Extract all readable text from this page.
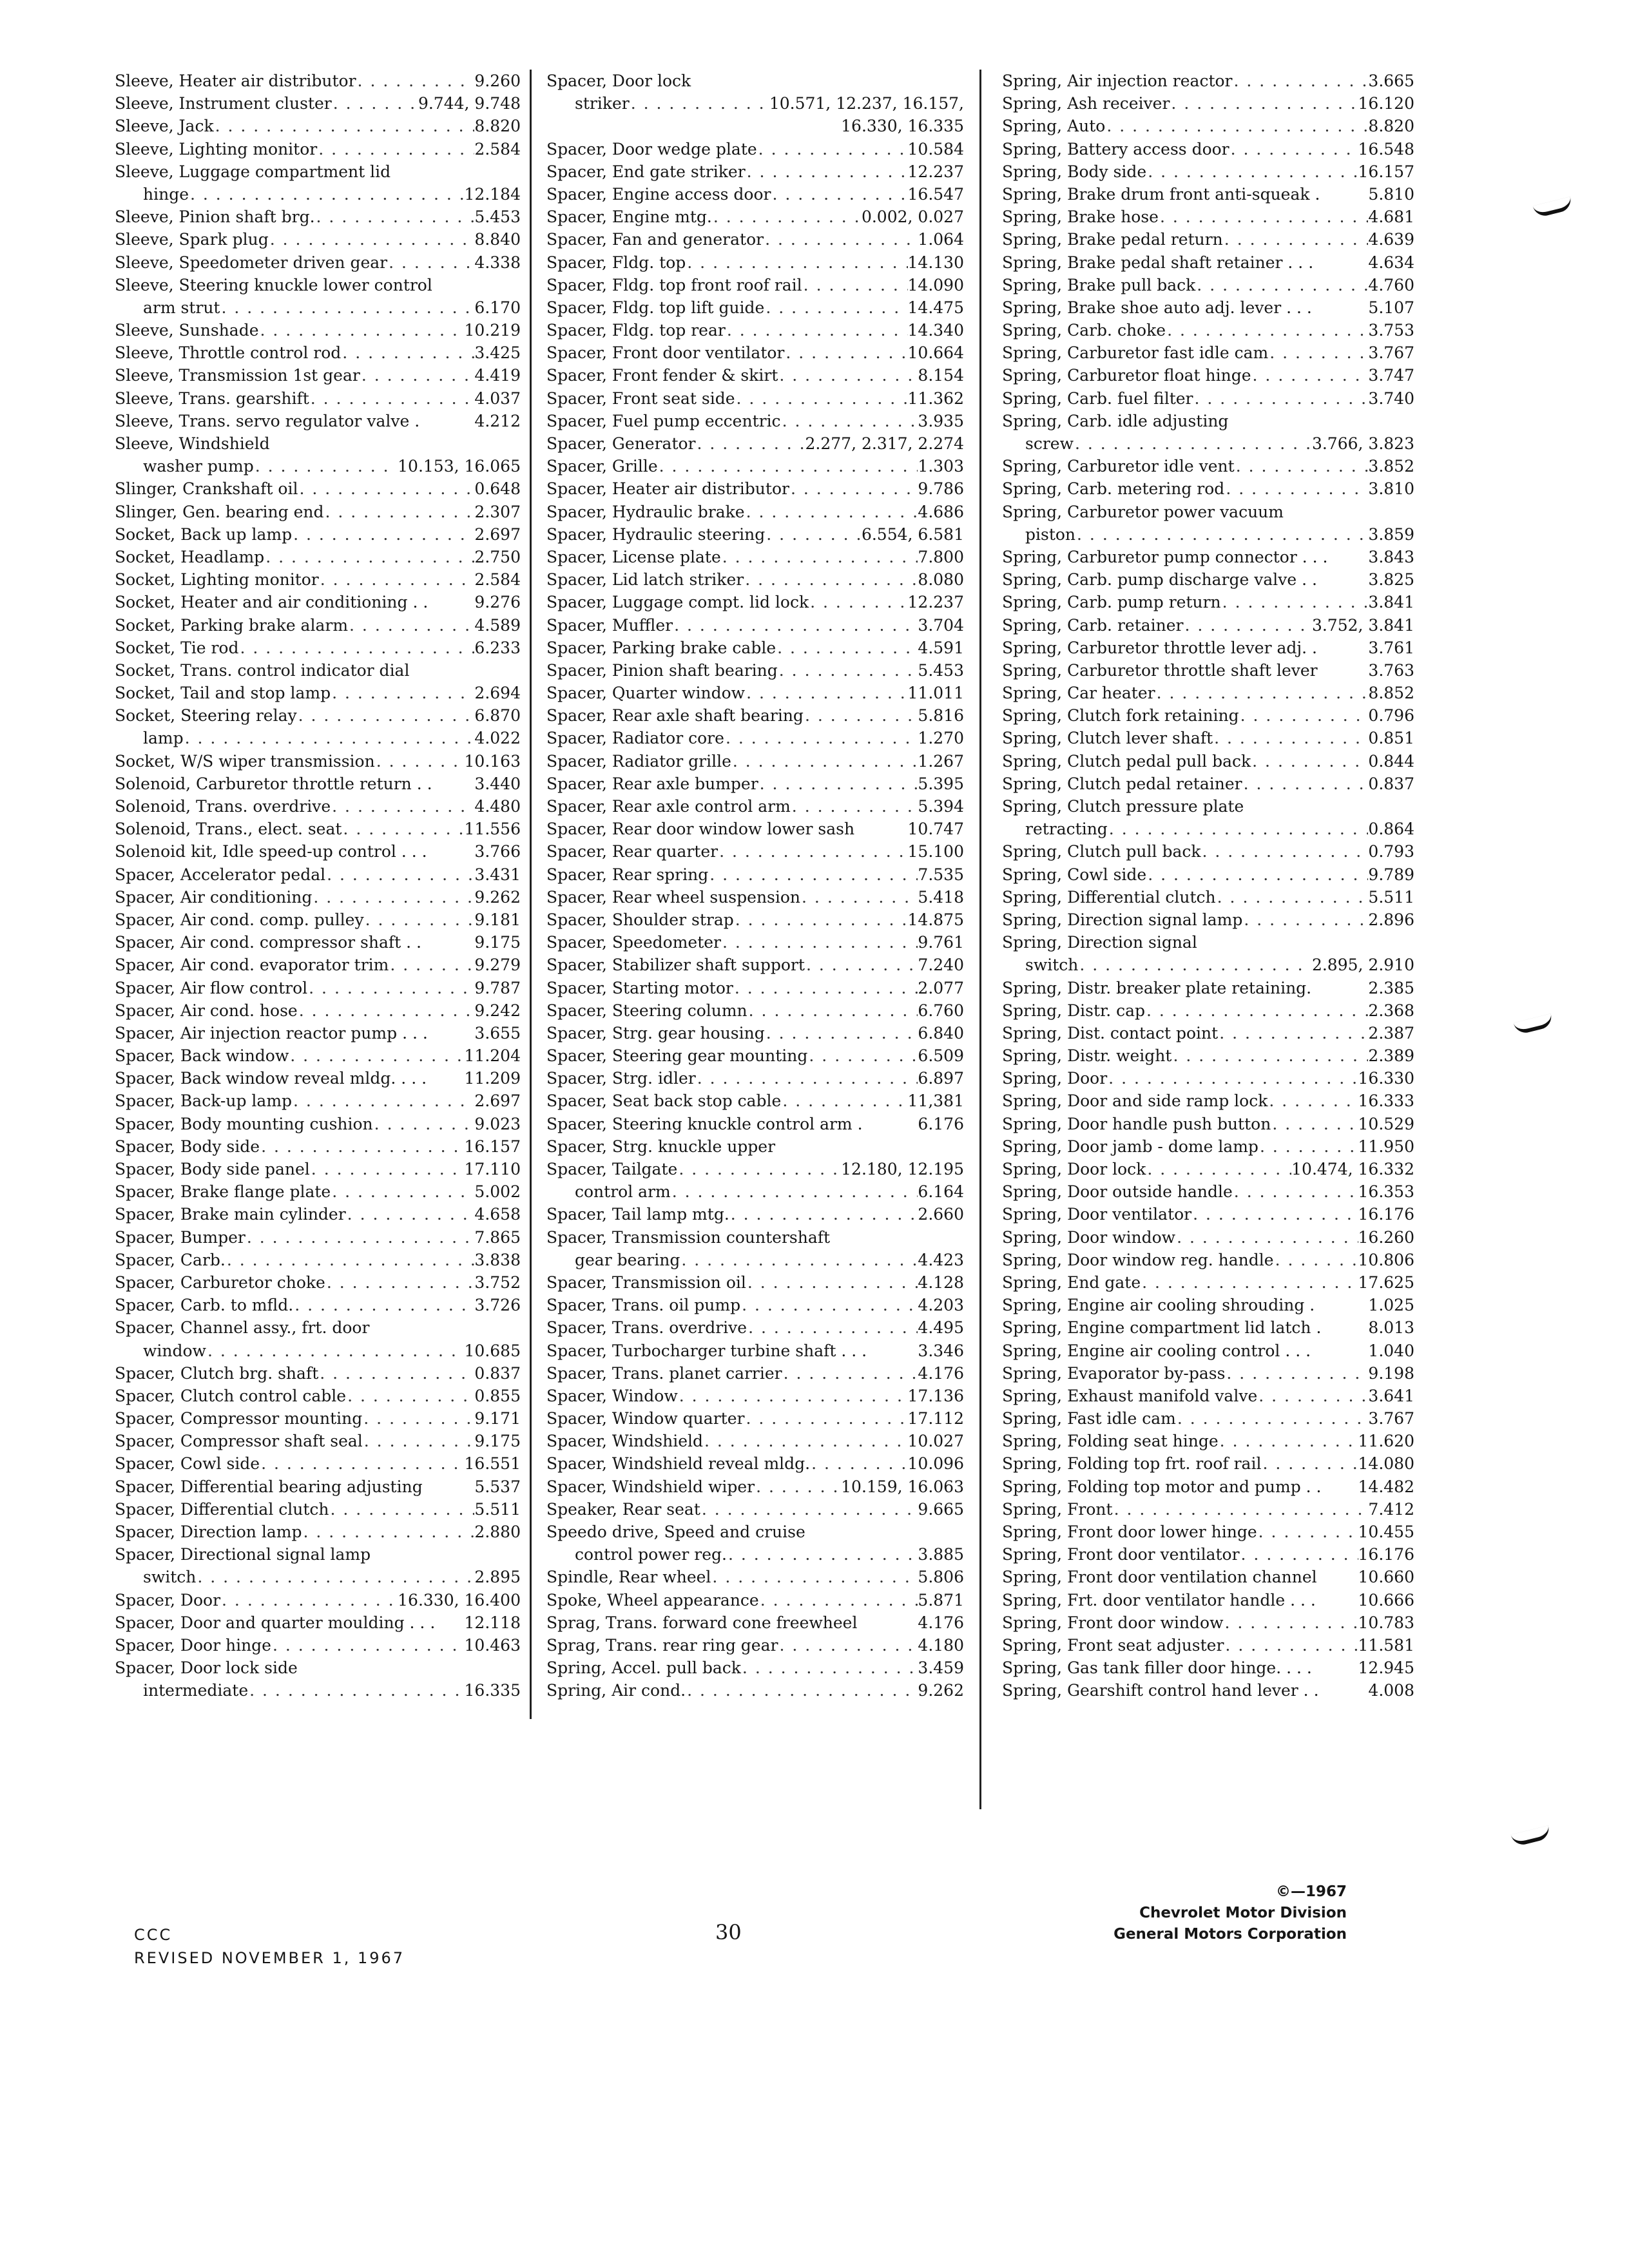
Sleeve, Heater air distributor . . .	9.260
Sleeve, Instrument cluster . . .	9.744, 9.748
Sleeve, Jack . . .	8.820
Sleeve, Lighting monitor . . .	2.584
Sleeve, Luggage compartment lid
hinge . . .	12.184
Sleeve, Pinion shaft brg. . . .	5.453
Sleeve, Spark plug . . .	8.840
Sleeve, Speedometer driven gear . . .	4.338
Sleeve, Steering knuckle lower control
arm strut . . .	6.170
Sleeve, Sunshade . . .	10.219
Sleeve, Throttle control rod . . .	3.425
Sleeve, Transmission 1st gear . . .	4.419
Sleeve, Trans. gearshift . . .	4.037
Sleeve, Trans. servo regulator valve .	4.212
Sleeve, Windshield
washer pump . . .	10.153, 16.065
Slinger, Crankshaft oil . . .	0.648
Slinger, Gen. bearing end . . .	2.307
Socket, Back up lamp . . .	2.697
Socket, Headlamp . . .	2.750
Socket, Lighting monitor . . .	2.584
Socket, Heater and air conditioning . .	9.276
Socket, Parking brake alarm . . .	4.589
Socket, Tie rod . . .	6.233
Socket, Trans. control indicator dial
Socket, Tail and stop lamp . . .	2.694
Socket, Steering relay . . .	6.870
lamp . . .	4.022
Socket, W/S wiper transmission . . .	10.163
Solenoid, Carburetor throttle return . .	3.440
Solenoid, Trans. overdrive . . .	4.480
Solenoid, Trans., elect. seat . . .	11.556
Solenoid kit, Idle speed-up control . . .	3.766
Spacer, Accelerator pedal . . .	3.431
Spacer, Air conditioning . . .	9.262
Spacer, Air cond. comp. pulley . . .	9.181
Spacer, Air cond. compressor shaft . .	9.175
Spacer, Air cond. evaporator trim . . .	9.279
Spacer, Air flow control . . .	9.787
Spacer, Air cond. hose . . .	9.242
Spacer, Air injection reactor pump . . .	3.655
Spacer, Back window . . .	11.204
Spacer, Back window reveal mldg. . . . 11.209
Spacer, Back-up lamp . . .	2.697
Spacer, Body mounting cushion . . .	9.023
Spacer, Body side . . .	16.157
Spacer, Body side panel . . .	17.110
Spacer, Brake flange plate . . .	5.002
Spacer, Brake main cylinder . . .	4.658
Spacer, Bumper . . .	7.865
Spacer, Carb. . . .	3.838
Spacer, Carburetor choke . . .	3.752
Spacer, Carb. to mfld. . . .	3.726
Spacer, Channel assy., frt. door
window . . .	10.685
Spacer, Clutch brg. shaft . . .	0.837
Spacer, Clutch control cable . . .	0.855
Spacer, Compressor mounting . . .	9.171
Spacer, Compressor shaft seal . . .	9.175
Spacer, Cowl side . . .	16.551
Spacer, Differential bearing adjusting	5.537
Spacer, Differential clutch . . .	5.511
Spacer, Direction lamp . . .	2.880
Spacer, Directional signal lamp
switch . . .	2.895
Spacer, Door . . .	16.330, 16.400
Spacer, Door and quarter moulding . . . 12.118
Spacer, Door hinge . . .	10.463
Spacer, Door lock side
intermediate . . .	16.335
Spacer, Door lock
striker . . .	10.571, 12.237, 16.157,
16.330, 16.335
Spacer, Door wedge plate . . .	10.584
Spacer, End gate striker . . .	12.237
Spacer, Engine access door . . .	16.547
Spacer, Engine mtg. . . .	0.002, 0.027
Spacer, Fan and generator . . .	1.064
Spacer, Fldg. top . . .	14.130
Spacer, Fldg. top front roof rail . . .	14.090
Spacer, Fldg. top lift guide . . .	14.475
Spacer, Fldg. top rear . . .	14.340
Spacer, Front door ventilator . . .	10.664
Spacer, Front fender & skirt . . .	8.154
Spacer, Front seat side . . .	11.362
Spacer, Fuel pump eccentric . . .	3.935
Spacer, Generator . . .	2.277, 2.317, 2.274
Spacer, Grille . . .	1.303
Spacer, Heater air distributor . . .	9.786
Spacer, Hydraulic brake . . .	4.686
Spacer, Hydraulic steering . . .	6.554, 6.581
Spacer, License plate . . .	7.800
Spacer, Lid latch striker . . .	8.080
Spacer, Luggage compt. lid lock . . .	12.237
Spacer, Muffler . . .	3.704
Spacer, Parking brake cable . . .	4.591
Spacer, Pinion shaft bearing . . .	5.453
Spacer, Quarter window . . .	11.011
Spacer, Rear axle shaft bearing . . .	5.816
Spacer, Radiator core . . .	1.270
Spacer, Radiator grille . . .	1.267
Spacer, Rear axle bumper . . .	5.395
Spacer, Rear axle control arm . . .	5.394
Spacer, Rear door window lower sash	10.747
Spacer, Rear quarter . . .	15.100
Spacer, Rear spring . . .	7.535
Spacer, Rear wheel suspension . . .	5.418
Spacer, Shoulder strap . . .	14.875
Spacer, Speedometer . . .	9.761
Spacer, Stabilizer shaft support . . .	7.240
Spacer, Starting motor . . .	2.077
Spacer, Steering column . . .	6.760
Spacer, Strg. gear housing . . .	6.840
Spacer, Steering gear mounting . . .	6.509
Spacer, Strg. idler . . .	6.897
Spacer, Seat back stop cable . . .	11,381
Spacer, Steering knuckle control arm .	6.176
Spacer, Strg. knuckle upper
Spacer, Tailgate . . .	12.180, 12.195
control arm . . .	6.164
Spacer, Tail lamp mtg. . . .	2.660
Spacer, Transmission countershaft
gear bearing . . .	4.423
Spacer, Transmission oil . . .	4.128
Spacer, Trans. oil pump . . .	4.203
Spacer, Trans. overdrive . . .	4.495
Spacer, Turbocharger turbine shaft . . .	3.346
Spacer, Trans. planet carrier . . .	4.176
Spacer, Window . . .	17.136
Spacer, Window quarter . . .	17.112
Spacer, Windshield . . .	10.027
Spacer, Windshield reveal mldg. . . .	10.096
Spacer, Windshield wiper . . .	10.159, 16.063
Speaker, Rear seat . . .	9.665
Speedo drive, Speed and cruise
control power reg. . . .	3.885
Spindle, Rear wheel . . .	5.806
Spoke, Wheel appearance . . .	5.871
Sprag, Trans. forward cone freewheel	4.176
Sprag, Trans. rear ring gear . . .	4.180
Spring, Accel. pull back . . .	3.459
Spring, Air cond. . . .	9.262
Spring, Air injection reactor . . .	3.665
Spring, Ash receiver . . .	16.120
Spring, Auto . . .	8.820
Spring, Battery access door . . .	16.548
Spring, Body side . . .	16.157
Spring, Brake drum front anti-squeak .	5.810
Spring, Brake hose . . .	4.681
Spring, Brake pedal return . . .	4.639
Spring, Brake pedal shaft retainer . . .	4.634
Spring, Brake pull back . . .	4.760
Spring, Brake shoe auto adj. lever . . .	5.107
Spring, Carb. choke . . .	3.753
Spring, Carburetor fast idle cam . . .	3.767
Spring, Carburetor float hinge . . .	3.747
Spring, Carb. fuel filter . . .	3.740
Spring, Carb. idle adjusting
screw . . .	3.766, 3.823
Spring, Carburetor idle vent . . .	3.852
Spring, Carb. metering rod . . .	3.810
Spring, Carburetor power vacuum
piston . . .	3.859
Spring, Carburetor pump connector . . .	3.843
Spring, Carb. pump discharge valve . .	3.825
Spring, Carb. pump return . . .	3.841
Spring, Carb. retainer . . .	3.752, 3.841
Spring, Carburetor throttle lever adj. .	3.761
Spring, Carburetor throttle shaft lever	3.763
Spring, Car heater . . .	8.852
Spring, Clutch fork retaining . . .	0.796
Spring, Clutch lever shaft . . .	0.851
Spring, Clutch pedal pull back . . .	0.844
Spring, Clutch pedal retainer . . .	0.837
Spring, Clutch pressure plate
retracting . . .	0.864
Spring, Clutch pull back . . .	0.793
Spring, Cowl side . . .	9.789
Spring, Differential clutch . . .	5.511
Spring, Direction signal lamp . . .	2.896
Spring, Direction signal
switch . . .	2.895, 2.910
Spring, Distr. breaker plate retaining.	2.385
Spring, Distr. cap . . .	2.368
Spring, Dist. contact point . . .	2.387
Spring, Distr. weight . . .	2.389
Spring, Door . . .	16.330
Spring, Door and side ramp lock . . .	16.333
Spring, Door handle push button . . .	10.529
Spring, Door jamb - dome lamp . . .	11.950
Spring, Door lock . . .	10.474, 16.332
Spring, Door outside handle . . .	16.353
Spring, Door ventilator . . .	16.176
Spring, Door window . . .	16.260
Spring, Door window reg. handle . . .	10.806
Spring, End gate . . .	17.625
Spring, Engine air cooling shrouding .	1.025
Spring, Engine compartment lid latch .	8.013
Spring, Engine air cooling control . . .	1.040
Spring, Evaporator by-pass . . .	9.198
Spring, Exhaust manifold valve . . .	3.641
Spring, Fast idle cam . . .	3.767
Spring, Folding seat hinge . . .	11.620
Spring, Folding top frt. roof rail . . .	14.080
Spring, Folding top motor and pump . . 14.482
Spring, Front . . .	7.412
Spring, Front door lower hinge . . .	10.455
Spring, Front door ventilator . . .	16.176
Spring, Front door ventilation channel	10.660
Spring, Frt. door ventilator handle . . .	10.666
Spring, Front door window . . .	10.783
Spring, Front seat adjuster . . .	11.581
Spring, Gas tank filler door hinge. . . .	12.945
Spring, Gearshift control hand lever . .	4.008
CCC
REVISED NOVEMBER 1, 1967
30
©—1967
Chevrolet Motor Division
General Motors Corporation
